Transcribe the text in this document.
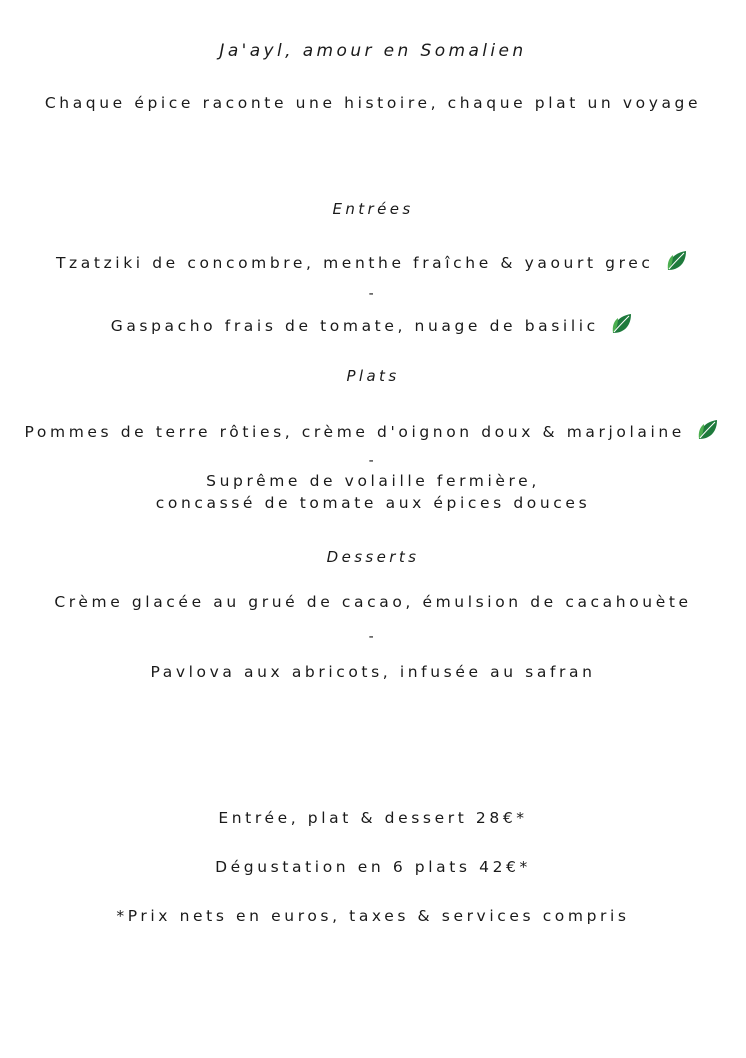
Ja'ayl, amour en Somalien
Chaque épice raconte une histoire, chaque plat un voyage
Entrées
Tzatziki de concombre, menthe fraîche & yaourt grec
-
Gaspacho frais de tomate, nuage de basilic
Plats
Pommes de terre rôties, crème d'oignon doux & marjolaine
-
Suprême de volaille fermière,
concassé de tomate aux épices douces
Desserts
Crème glacée au grué de cacao, émulsion de cacahouète
-
Pavlova aux abricots, infusée au safran
Entrée, plat & dessert 28€*
Dégustation en 6 plats 42€*
*Prix nets en euros, taxes & services compris
